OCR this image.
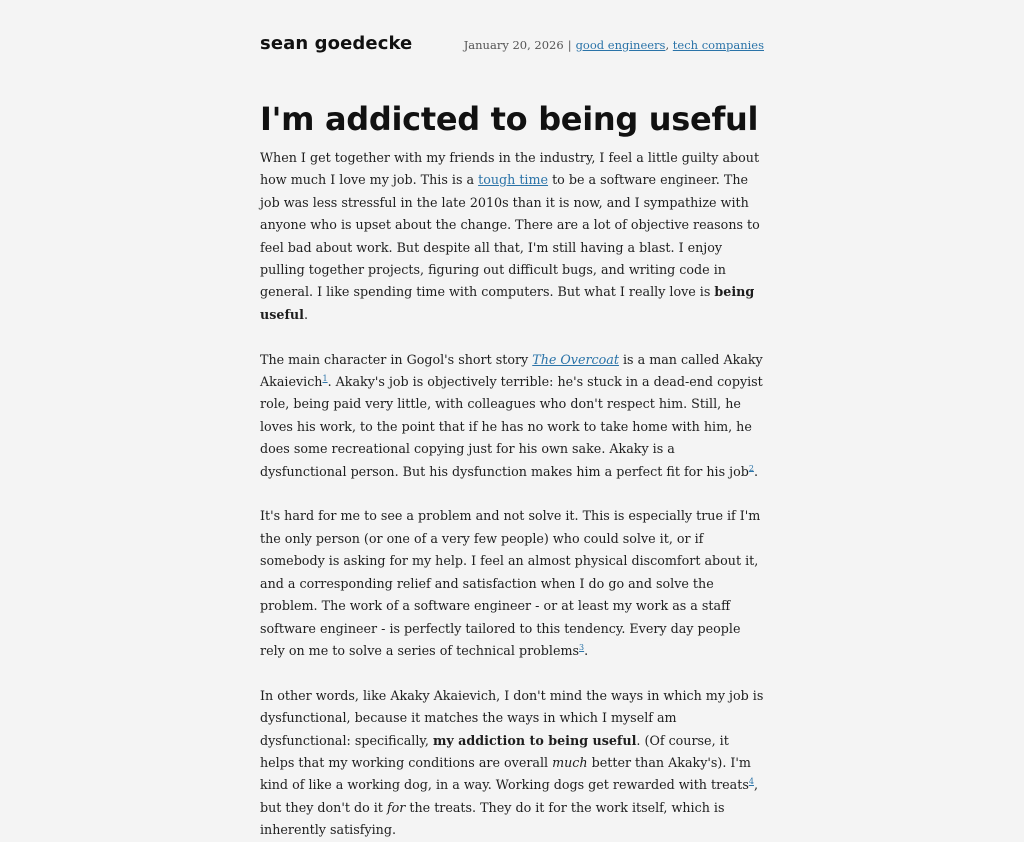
sean goedecke	January 20, 2026 | good engineers, tech companies
I'm addicted to being useful

When I get together with my friends in the industry, I feel a little guilty about how much I love my job. This is a tough time to be a software engineer. The job was less stressful in the late 2010s than it is now, and I sympathize with anyone who is upset about the change. There are a lot of objective reasons to feel bad about work. But despite all that, I'm still having a blast. I enjoy pulling together projects, figuring out difficult bugs, and writing code in general. I like spending time with computers. But what I really love is being useful.

The main character in Gogol's short story The Overcoat is a man called Akaky Akaievich$^1$. Akaky's job is objectively terrible: he's stuck in a dead-end copyist role, being paid very little, with colleagues who don't respect him. Still, he loves his work, to the point that if he has no work to take home with him, he does some recreational copying just for his own sake. Akaky is a dysfunctional person. But his dysfunction makes him a perfect fit for his job$^2$.

It's hard for me to see a problem and not solve it. This is especially true if I'm the only person (or one of a very few people) who could solve it, or if somebody is asking for my help. I feel an almost physical discomfort about it, and a corresponding relief and satisfaction when I do go and solve the problem. The work of a software engineer - or at least my work as a staff software engineer - is perfectly tailored to this tendency. Every day people rely on me to solve a series of technical problems$^3$.

In other words, like Akaky Akaievich, I don't mind the ways in which my job is dysfunctional, because it matches the ways in which I myself am dysfunctional: specifically, my addiction to being useful. (Of course, it helps that my working conditions are overall much better than Akaky's). I'm kind of like a working dog, in a way. Working dogs get rewarded with treats$^4$, but they don't do it for the treats. They do it for the work itself, which is inherently satisfying.
